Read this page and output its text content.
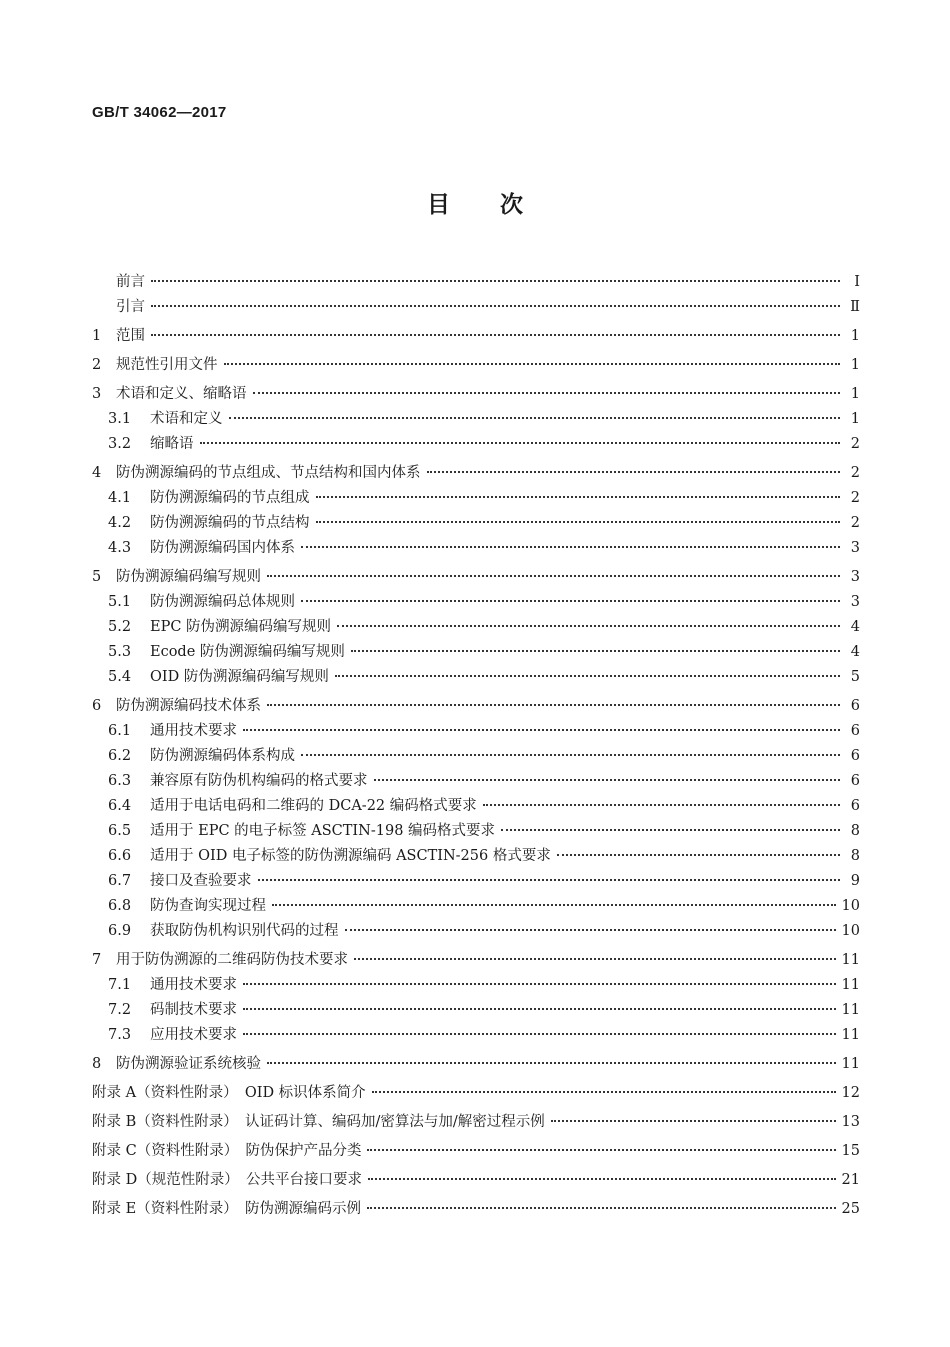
GB/T 34062—2017
目次
前言	Ⅰ
引言	Ⅱ
1	范围	1
2	规范性引用文件	1
3	术语和定义、缩略语	1
3.1	术语和定义	1
3.2	缩略语	2
4	防伪溯源编码的节点组成、节点结构和国内体系	2
4.1	防伪溯源编码的节点组成	2
4.2	防伪溯源编码的节点结构	2
4.3	防伪溯源编码国内体系	3
5	防伪溯源编码编写规则	3
5.1	防伪溯源编码总体规则	3
5.2	EPC 防伪溯源编码编写规则	4
5.3	Ecode 防伪溯源编码编写规则	4
5.4	OID 防伪溯源编码编写规则	5
6	防伪溯源编码技术体系	6
6.1	通用技术要求	6
6.2	防伪溯源编码体系构成	6
6.3	兼容原有防伪机构编码的格式要求	6
6.4	适用于电话电码和二维码的 DCA-22 编码格式要求	6
6.5	适用于 EPC 的电子标签 ASCTIN-198 编码格式要求	8
6.6	适用于 OID 电子标签的防伪溯源编码 ASCTIN-256 格式要求	8
6.7	接口及查验要求	9
6.8	防伪查询实现过程	10
6.9	获取防伪机构识别代码的过程	10
7	用于防伪溯源的二维码防伪技术要求	11
7.1	通用技术要求	11
7.2	码制技术要求	11
7.3	应用技术要求	11
8	防伪溯源验证系统核验	11
附录 A（资料性附录）　OID 标识体系简介	12
附录 B（资料性附录）　认证码计算、编码加/密算法与加/解密过程示例	13
附录 C（资料性附录）　防伪保护产品分类	15
附录 D（规范性附录）　公共平台接口要求	21
附录 E（资料性附录）　防伪溯源编码示例	25
